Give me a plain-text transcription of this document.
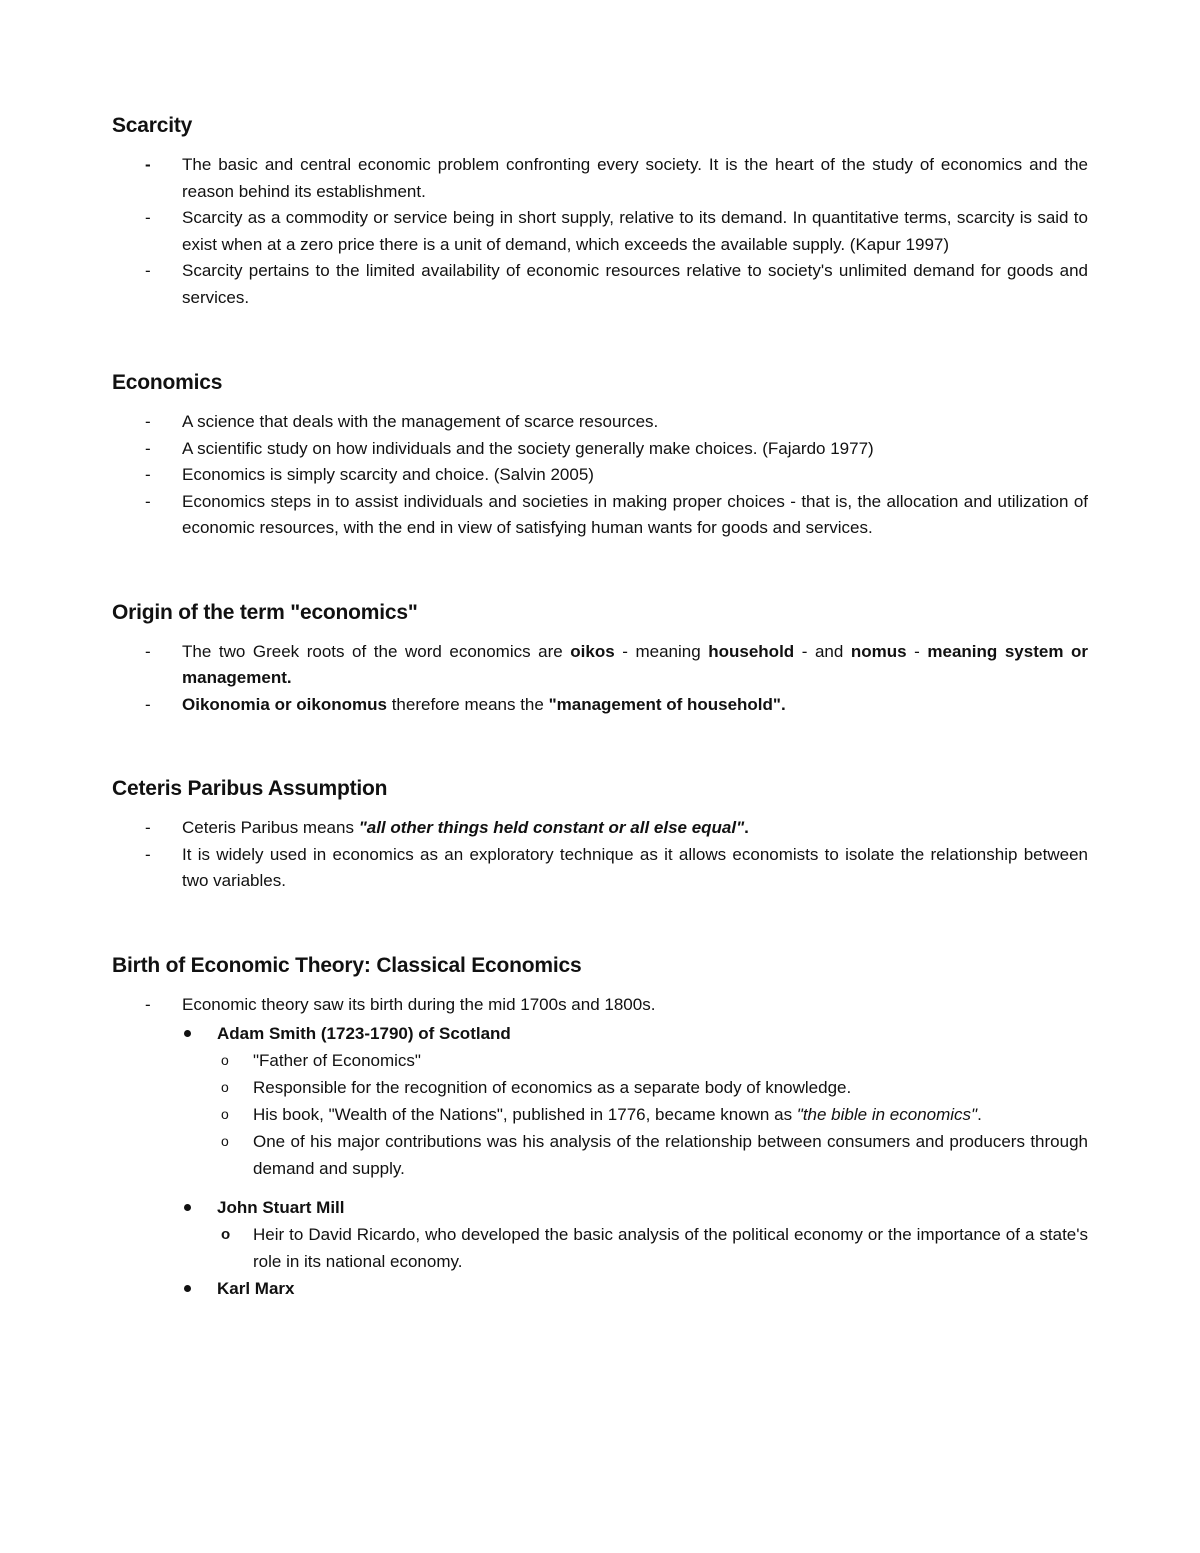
Scarcity
-	The basic and central economic problem confronting every society. It is the heart of the study of economics and the reason behind its establishment.
-	Scarcity as a commodity or service being in short supply, relative to its demand. In quantitative terms, scarcity is said to exist when at a zero price there is a unit of demand, which exceeds the available supply. (Kapur 1997)
-	Scarcity pertains to the limited availability of economic resources relative to society's unlimited demand for goods and services.
Economics
-	A science that deals with the management of scarce resources.
-	A scientific study on how individuals and the society generally make choices. (Fajardo 1977)
-	Economics is simply scarcity and choice. (Salvin 2005)
-	Economics steps in to assist individuals and societies in making proper choices - that is, the allocation and utilization of economic resources, with the end in view of satisfying human wants for goods and services.
Origin of the term "economics"
-	The two Greek roots of the word economics are oikos - meaning household - and nomus - meaning system or management.
-	Oikonomia or oikonomus therefore means the "management of household".
Ceteris Paribus Assumption
-	Ceteris Paribus means "all other things held constant or all else equal".
-	It is widely used in economics as an exploratory technique as it allows economists to isolate the relationship between two variables.
Birth of Economic Theory: Classical Economics
-	Economic theory saw its birth during the mid 1700s and 1800s.
Adam Smith (1723-1790) of Scotland
o "Father of Economics"
o Responsible for the recognition of economics as a separate body of knowledge.
o His book, "Wealth of the Nations", published in 1776, became known as "the bible in economics".
o One of his major contributions was his analysis of the relationship between consumers and producers through demand and supply.
John Stuart Mill
o Heir to David Ricardo, who developed the basic analysis of the political economy or the importance of a state's role in its national economy.
Karl Marx
